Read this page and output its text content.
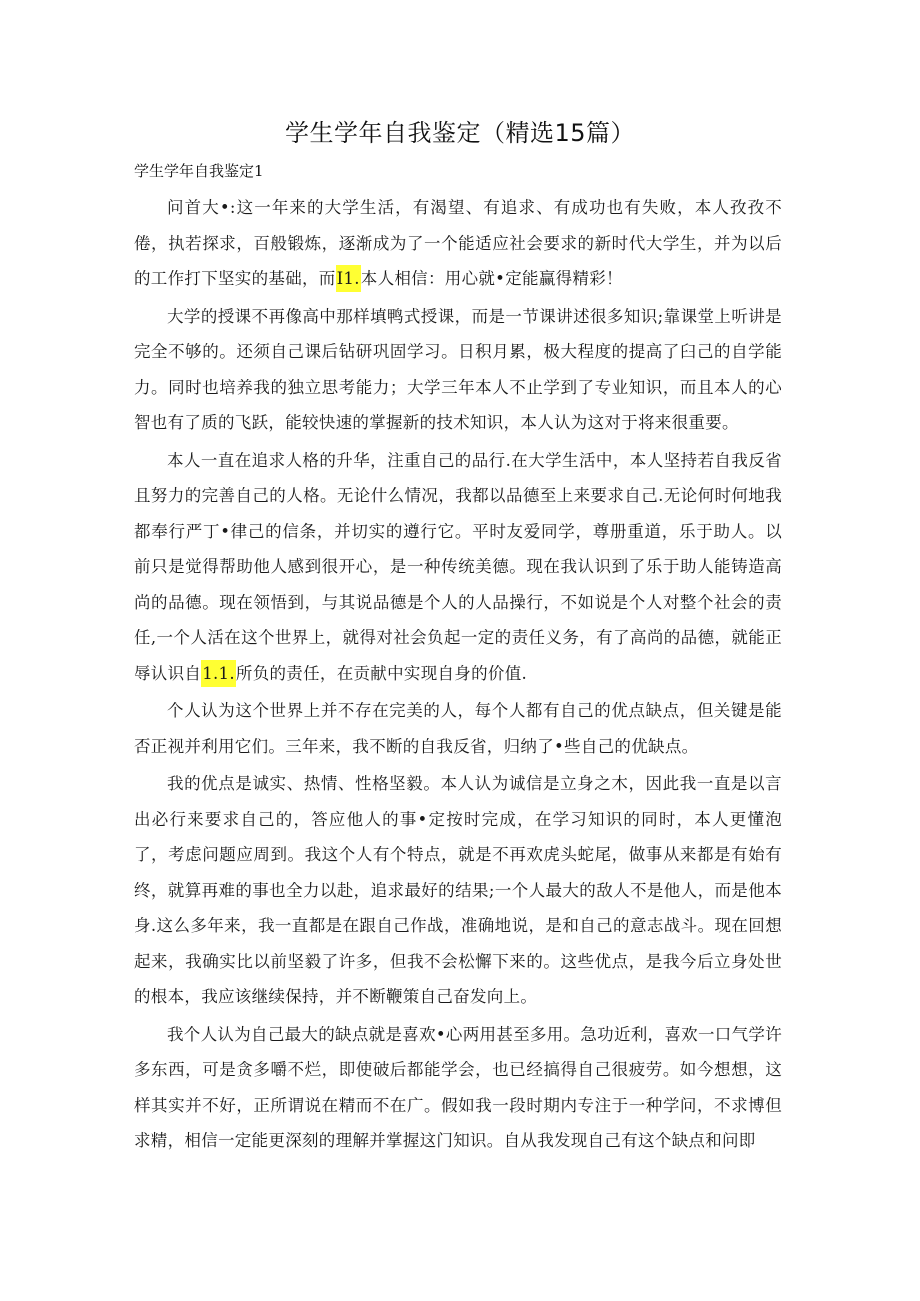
学生学年自我鉴定（精选15篇）
学生学年自我鉴定1

问首大•:这一年来的大学生活，有渴望、有追求、有成功也有失败，本人孜孜不倦，执若探求，百般锻炼，逐渐成为了一个能适应社会要求的新时代大学生，并为以后的工作打下坚实的基础，而I1.本人相信：用心就•定能赢得精彩！

大学的授课不再像高中那样填鸭式授课，而是一节课讲述很多知识;靠课堂上听讲是完全不够的。还须自己课后钻研巩固学习。日积月累，极大程度的提高了臼己的自学能力。同时也培养我的独立思考能力；大学三年本人不止学到了专业知识，而且本人的心智也有了质的飞跃，能较快速的掌握新的技术知识，本人认为这对于将来很重要。

本人一直在追求人格的升华，注重自己的品行.在大学生活中，本人坚持若自我反省且努力的完善自己的人格。无论什么情况，我都以品德至上来要求自己.无论何时何地我都奉行严丁•律己的信条，并切实的遵行它。平时友爱同学，尊册重道，乐于助人。以前只是觉得帮助他人感到很开心，是一种传统美德。现在我认识到了乐于助人能铸造高尚的品德。现在领悟到，与其说品德是个人的人品操行，不如说是个人对整个社会的责任,一个人活在这个世界上，就得对社会负起一定的责任义务，有了高尚的品德，就能正辱认识自1.1.所负的责任，在贡献中实现自身的价值.

个人认为这个世界上并不存在完美的人，每个人都有自己的优点缺点，但关键是能否正视并利用它们。三年来，我不断的自我反省，归纳了•些自己的优缺点。

我的优点是诚实、热情、性格坚毅。本人认为诚信是立身之木，因此我一直是以言出必行来要求自己的，答应他人的事•定按时完成，在学习知识的同时，本人更懂泡了，考虑问题应周到。我这个人有个特点，就是不再欢虎头蛇尾，做事从来都是有始有终，就算再难的事也全力以赴，追求最好的结果;一个人最大的敌人不是他人，而是他本身.这么多年来，我一直都是在跟自己作战，准确地说，是和自己的意志战斗。现在回想起来，我确实比以前坚毅了许多，但我不会松懈下来的。这些优点，是我今后立身处世的根本，我应该继续保持，并不断鞭策自己奋发向上。

我个人认为自己最大的缺点就是喜欢•心两用甚至多用。急功近利，喜欢一口气学许多东西，可是贪多嚼不烂，即使破后都能学会，也已经搞得自己很疲劳。如今想想，这样其实并不好，正所谓说在精而不在广。假如我一段时期内专注于一种学问，不求博但求精，相信一定能更深刻的理解并掌握这门知识。自从我发现自己有这个缺点和问即
